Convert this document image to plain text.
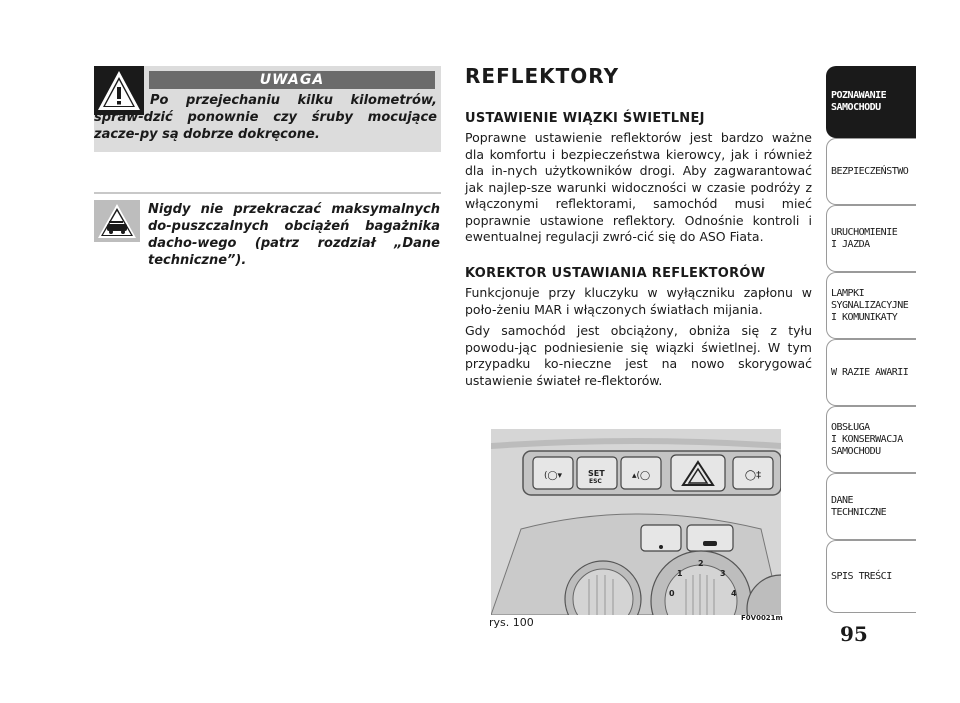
UWAGA

Po przejechaniu kilku kilometrów, spraw-dzić ponownie czy śruby mocujące zacze-py są dobrze dokręcone.

Nigdy nie przekraczać maksymalnych do-puszczalnych obciążeń bagażnika dacho-wego (patrz rozdział „Dane techniczne”).

REFLEKTORY
USTAWIENIE WIĄZKI ŚWIETLNEJ

Poprawne ustawienie reflektorów jest bardzo ważne dla komfortu i bezpieczeństwa kierowcy, jak i również dla in-nych użytkowników drogi. Aby zagwarantować jak najlep-sze warunki widoczności w czasie podróży z włączonymi reflektorami, samochód musi mieć poprawnie ustawione reflektory. Odnośnie kontroli i ewentualnej regulacji zwró-cić się do ASO Fiata.

KOREKTOR USTAWIANIA REFLEKTORÓW

Funkcjonuje przy kluczyku w wyłączniku zapłonu w poło-żeniu MAR i włączonych światłach mijania.

Gdy samochód jest obciążony, obniża się z tyłu powodu-jąc podniesienie się wiązki świetlnej. W tym przypadku ko-nieczne jest na nowo skorygować ustawienie świateł re-flektorów.

(◯▾	▴(◯	◯‡
SET
ESC
2
1	3
0	4
rys. 100	F0V0021m
95
POZNAWANIE
SAMOCHODU
BEZPIECZEŃSTWO
URUCHOMIENIE
I JAZDA
LAMPKI
SYGNALIZACYJNE
I KOMUNIKATY
W RAZIE AWARII
OBSŁUGA
I KONSERWACJA
SAMOCHODU
DANE
TECHNICZNE
SPIS TREŚCI
